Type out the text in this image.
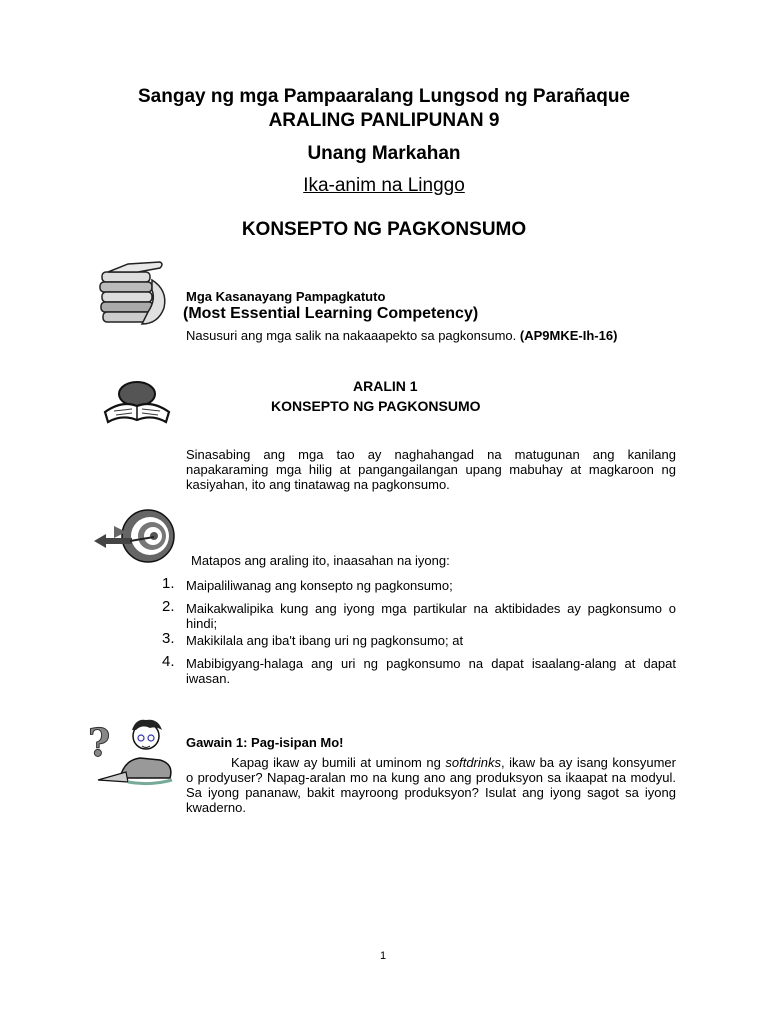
Sangay ng mga Pampaaralang Lungsod ng Parañaque
ARALING PANLIPUNAN 9
Unang Markahan
Ika-anim na Linggo
KONSEPTO NG PAGKONSUMO
Mga Kasanayang Pampagkatuto
(Most Essential Learning Competency)
Nasusuri ang mga salik na nakaaapekto sa pagkonsumo. (AP9MKE-Ih-16)
ARALIN 1
KONSEPTO NG PAGKONSUMO
Sinasabing ang mga tao ay naghahangad na matugunan ang kanilang napakaraming mga hilig at pangangailangan upang mabuhay at magkaroon ng kasiyahan, ito ang tinatawag na pagkonsumo.
Matapos ang araling ito, inaasahan na iyong:
1. Maipaliliwanag ang konsepto ng pagkonsumo;
2. Maikakwalipika kung ang iyong mga partikular na aktibidades ay pagkonsumo o hindi;
3. Makikilala ang iba't ibang uri ng pagkonsumo; at
4. Mabibigyang-halaga ang uri ng pagkonsumo na dapat isaalang-alang at dapat iwasan.
?	Gawain 1: Pag-isipan Mo!
Kapag ikaw ay bumili at uminom ng softdrinks, ikaw ba ay isang konsyumer o prodyuser? Napag-aralan mo na kung ano ang produksyon sa ikaapat na modyul. Sa iyong pananaw, bakit mayroong produksyon? Isulat ang iyong sagot sa iyong kwaderno.
1
